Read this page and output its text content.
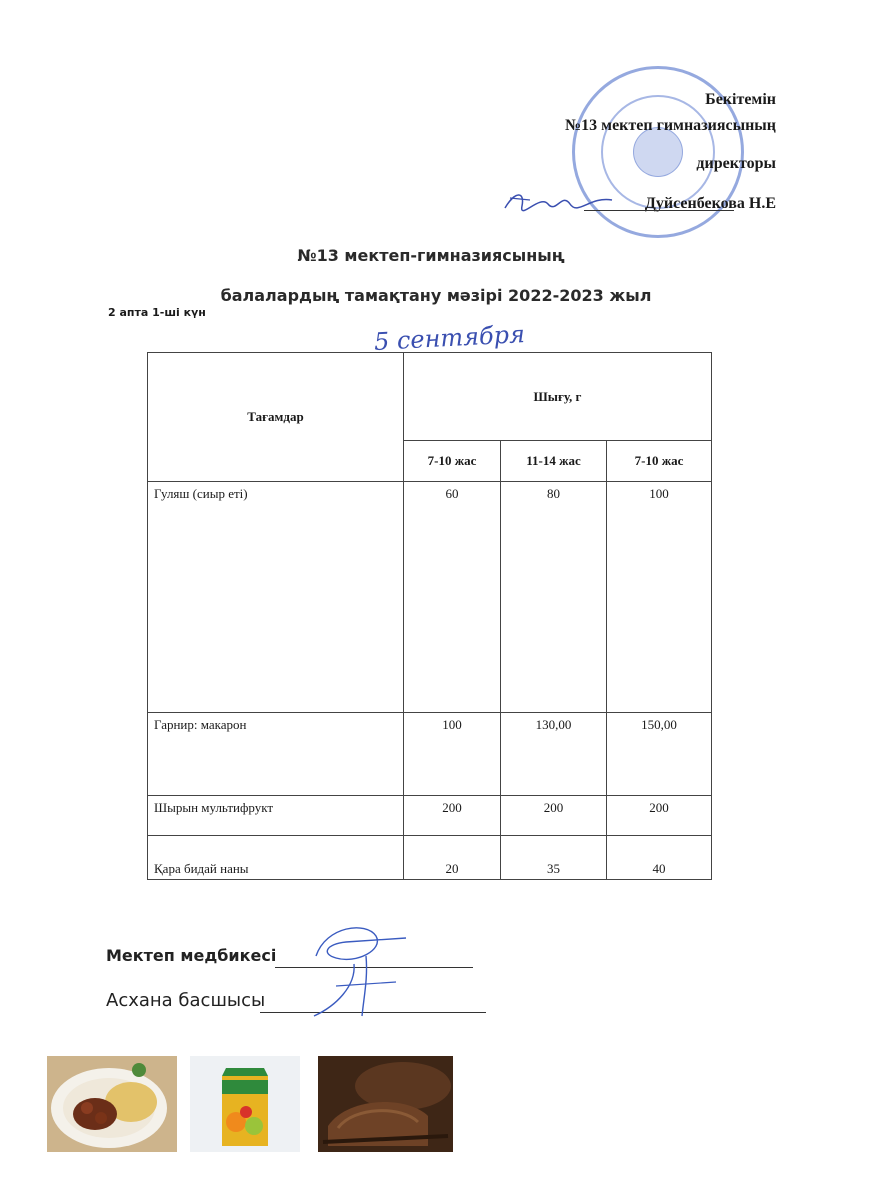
Бекітемін
№13 мектеп гимназиясының
директоры
Дуйсенбекова Н.Е
№13 мектеп-гимназиясының
балалардың тамақтану мәзірі 2022-2023 жыл
2 апта 1-ші күн
5 сентября
Тағамдар	Шығу, г		
	7-10 жас	11-14 жас	7-10 жас
Гуляш (сиыр еті)	60	80	100
Гарнир: макарон	100	130,00	150,00
Шырын мультифрукт	200	200	200
Қара бидай наны	20	35	40
Мектеп медбикесі
Асхана басшысы
